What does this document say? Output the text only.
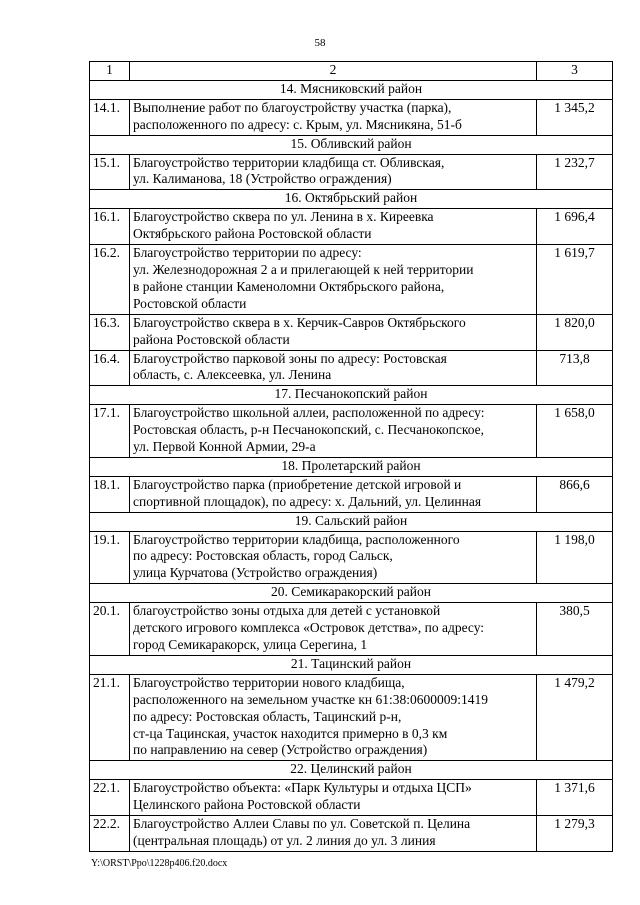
58
1	2	3
14. Мясниковский район		
14.1.	Выполнение работ по благоустройству участка (парка),
расположенного по адресу: с. Крым, ул. Мясникяна, 51-б	1 345,2
15. Обливский район		
15.1.	Благоустройство территории кладбища ст. Обливская,
ул. Калиманова, 18 (Устройство ограждения)	1 232,7
16. Октябрьский район		
16.1.	Благоустройство сквера по ул. Ленина в х. Киреевка
Октябрьского района Ростовской области	1 696,4
16.2.	Благоустройство территории по адресу:
ул. Железнодорожная 2 а и прилегающей к ней территории
в районе станции Каменоломни Октябрьского района,
Ростовской области	1 619,7
16.3.	Благоустройство сквера в х. Керчик-Савров Октябрьского
района Ростовской области	1 820,0
16.4.	Благоустройство парковой зоны по адресу: Ростовская
область, с. Алексеевка, ул. Ленина	713,8
17. Песчанокопский район		
17.1.	Благоустройство школьной аллеи, расположенной по адресу:
Ростовская область, р-н Песчанокопский, с. Песчанокопское,
ул. Первой Конной Армии, 29-а	1 658,0
18. Пролетарский район		
18.1.	Благоустройство парка (приобретение детской игровой и
спортивной площадок), по адресу: х. Дальний, ул. Целинная	866,6
19. Сальский район		
19.1.	Благоустройство территории кладбища, расположенного
по адресу: Ростовская область, город Сальск,
улица Курчатова (Устройство ограждения)	1 198,0
20. Семикаракорский район		
20.1.	благоустройство зоны отдыха для детей с установкой
детского игрового комплекса «Островок детства», по адресу:
город Семикаракорск, улица Серегина, 1	380,5
21. Тацинский район		
21.1.	Благоустройство территории нового кладбища,
расположенного на земельном участке кн 61:38:0600009:1419
по адресу: Ростовская область, Тацинский р-н,
ст-ца Тацинская, участок находится примерно в 0,3 км
по направлению на север (Устройство ограждения)	1 479,2
22. Целинский район		
22.1.	Благоустройство объекта: «Парк Культуры и отдыха ЦСП»
Целинского района Ростовской области	1 371,6
22.2.	Благоустройство Аллеи Славы по ул. Советской п. Целина
(центральная площадь) от ул. 2 линия до ул. 3 линия	1 279,3
Y:\ORST\Ppo\1228p406.f20.docx
